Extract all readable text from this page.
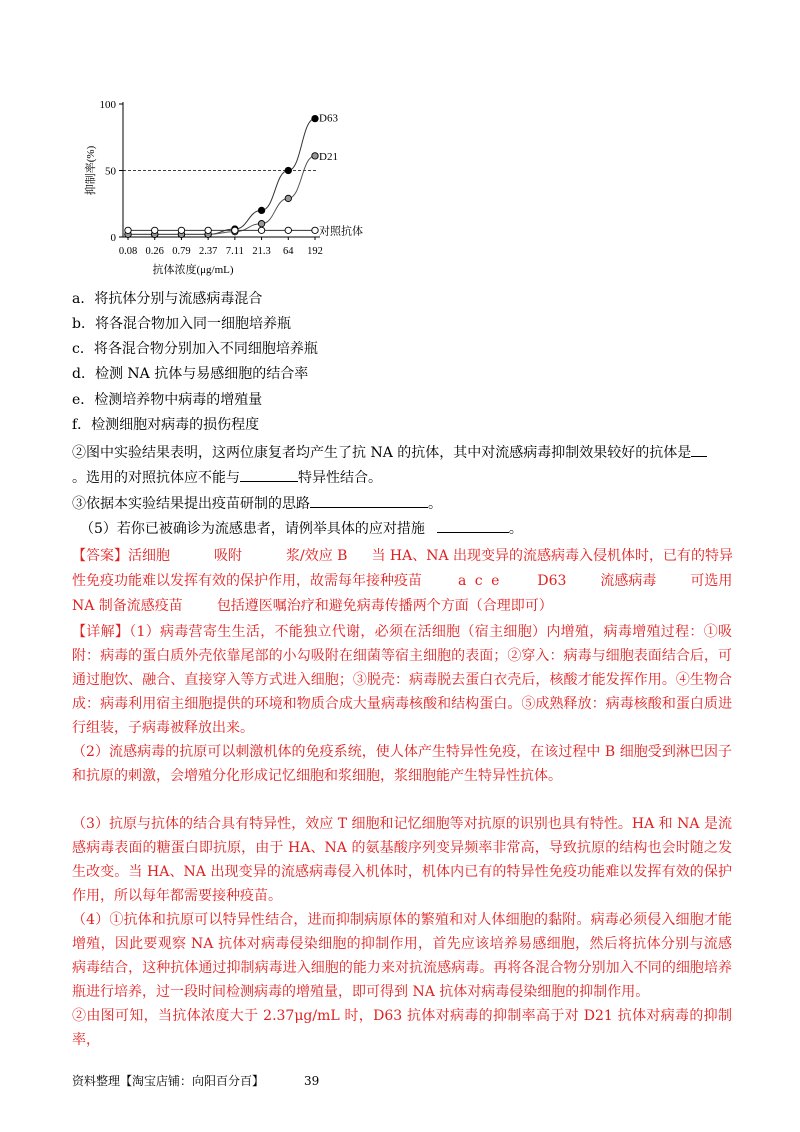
0
50
100
0.08 0.26 0.79 2.37 7.11 21.3 64 192
抗体浓度(μg/mL)
抑制率(%)
D63
D21
对照抗体
a．将抗体分别与流感病毒混合
b．将各混合物加入同一细胞培养瓶
c．将各混合物分别加入不同细胞培养瓶
d．检测 NA 抗体与易感细胞的结合率
e．检测培养物中病毒的增殖量
f．检测细胞对病毒的损伤程度
②图中实验结果表明，这两位康复者均产生了抗 NA 的抗体，其中对流感病毒抑制效果较好的抗体是
。选用的对照抗体应不能与	特异性结合。
③依据本实验结果提出疫苗研制的思路	。
（5）若你已被确诊为流感患者，请例举具体的应对措施	。
【答案】活细胞	吸附	浆/效应 B 当 HA、NA 出现变异的流感病毒入侵机体时，已有的特异
性免疫功能难以发挥有效的保护作用，故需每年接种疫苗	a c e	D63 流感病毒 可选用
NA 制备流感疫苗 包括遵医嘱治疗和避免病毒传播两个方面（合理即可）
【详解】（1）病毒营寄生生活，不能独立代谢，必须在活细胞（宿主细胞）内增殖，病毒增殖过程：①吸附：病毒的蛋白质外壳依靠尾部的小勾吸附在细菌等宿主细胞的表面；②穿入：病毒与细胞表面结合后，可通过胞饮、融合、直接穿入等方式进入细胞；③脱壳：病毒脱去蛋白衣壳后，核酸才能发挥作用。④生物合成：病毒利用宿主细胞提供的环境和物质合成大量病毒核酸和结构蛋白。⑤成熟释放：病毒核酸和蛋白质进行组装，子病毒被释放出来。
（2）流感病毒的抗原可以刺激机体的免疫系统，使人体产生特异性免疫，在该过程中 B 细胞受到淋巴因子和抗原的刺激，会增殖分化形成记忆细胞和浆细胞，浆细胞能产生特异性抗体。
（3）抗原与抗体的结合具有特异性，效应 T 细胞和记忆细胞等对抗原的识别也具有特性。HA 和 NA 是流感病毒表面的糖蛋白即抗原，由于 HA、NA 的氨基酸序列变异频率非常高，导致抗原的结构也会时随之发生改变。当 HA、NA 出现变异的流感病毒侵入机体时，机体内已有的特异性免疫功能难以发挥有效的保护作用，所以每年都需要接种疫苗。
（4）①抗体和抗原可以特异性结合，进而抑制病原体的繁殖和对人体细胞的黏附。病毒必须侵入细胞才能增殖，因此要观察 NA 抗体对病毒侵染细胞的抑制作用，首先应该培养易感细胞，然后将抗体分别与流感病毒结合，这种抗体通过抑制病毒进入细胞的能力来对抗流感病毒。再将各混合物分别加入不同的细胞培养瓶进行培养，过一段时间检测病毒的增殖量，即可得到 NA 抗体对病毒侵染细胞的抑制作用。
②由图可知，当抗体浓度大于 2.37μg/mL 时，D63 抗体对病毒的抑制率高于对 D21 抗体对病毒的抑制率，
资料整理【淘宝店铺：向阳百分百】	39
